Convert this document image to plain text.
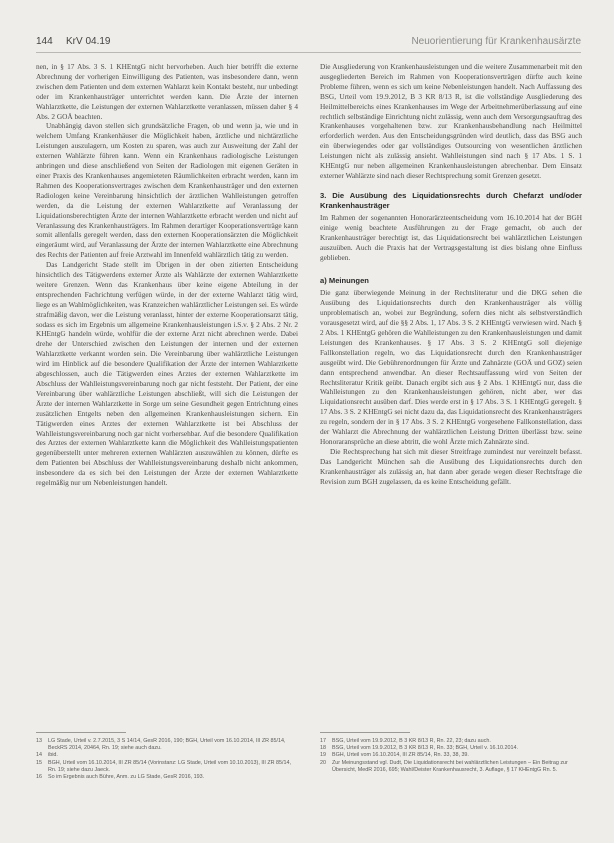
144 KrV 04.19	Neuorientierung für Krankenhausärzte

nen, in § 17 Abs. 3 S. 1 KHEntgG nicht hervorheben. Auch hier betrifft die externe Abrechnung der vorherigen Einwilligung des Patienten, was insbesondere dann, wenn zwischen dem Patienten und dem externen Wahlarzt kein Kontakt besteht, nur unbedingt oder im Krankenhausträger unterrichtet werden kann. Die Ärzte der internen Wahlarztkette, die Leistungen der externen Wahlarztkette veranlassen, müssen daher § 4 Abs. 2 GOÄ beachten.

Unabhängig davon stellen sich grundsätzliche Fragen, ob und wenn ja, wie und in welchem Umfang Krankenhäuser die Möglichkeit haben, ärztliche und nichtärztliche Leistungen auszulagern, um Kosten zu sparen, was auch zur Ausweitung der Zahl der externen Wahlärzte führen kann. Wenn ein Krankenhaus radiologische Leistungen anbringen und diese anschließend von Seiten der Radiologen mit eigenen Geräten in einer Praxis des Krankenhauses angemieteten Räumlichkeiten erbracht werden, kann im Rahmen des Kooperationsvertrages zwischen dem Krankenhausträger und den externen Radiologen keine Vereinbarung hinsichtlich der ärztlichen Wahlleistungen getroffen werden, da die Leistung der externen Wahlarztkette auf Veranlassung der Liquidationsberechtigten Ärzte der internen Wahlarztkette erbracht werden und nicht auf Veranlassung des Krankenhausträgers. Im Rahmen derartiger Kooperationsverträge kann somit allenfalls geregelt werden, dass den externen Kooperationsärzten die Möglichkeit eingeräumt wird, auf Veranlassung der Ärzte der internen Wahlarztkette eine Abrechnung des Rechts der Patienten auf freie Arztwahl im Innenfeld wahlärztlich tätig zu werden.

Das Landgericht Stade stellt im Übrigen in der oben zitierten Entscheidung hinsichtlich des Tätigwerdens externer Ärzte als Wahlärzte der externen Wahlarztkette weitere Grenzen. Wenn das Krankenhaus über keine eigene Abteilung in der entsprechenden Fachrichtung verfügen würde, in der der externe Wahlarzt tätig wird, liege es an Wahlmöglichkeiten, was Kranzeichen wahlärztlicher Leistungen sei. Es würde strafmäßig davon, wer die Leistung veranlasst, hinter der externe Kooperationsarzt tätig, sodass es sich im Ergebnis um allgemeine Krankenhausleistungen i.S.v. § 2 Abs. 2 Nr. 2 KHEntgG handeln würde, wohlfür die der externe Arzt nicht abrechnen werde. Dabei drehe der Unterschied zwischen den Leistungen der internen und der externen Wahlarztkette verkannt worden sein. Die Vereinbarung über wahlärztliche Leistungen wird im Hinblick auf die besondere Qualifikation der Ärzte der internen Wahlarztkette abgeschlossen, auch die Tätigwerden eines Arztes der externen Wahlarztkette im Abschluss der Wahlleistungsvereinbarung noch gar nicht feststeht. Der Patient, der eine Vereinbarung über wahlärztliche Leistungen abschließt, will sich die Leistungen der Ärzte der internen Wahlarztkette in Sorge um seine Gesundheit gegen Entrichtung eines zusätzlichen Entgelts neben den allgemeinen Krankenhausleistungen sichern. Ein Tätigwerden eines Arztes der externen Wahlarztkette ist bei Abschluss der Wahlleistungsvereinbarung noch gar nicht vorhersehbar. Auf die besondere Qualifikation des Arztes der externen Wahlarztkette kann die Möglichkeit des Wahlleistungspatienten gegenüberstellt unter mehreren externen Wahlärzten auszuwählen zu können, dürfte es dem Patienten bei Abschluss der Wahlleistungsvereinbarung deshalb nicht ankommen, insbesondere da es sich bei den Leistungen der Ärzte der externen Wahlarztkette regelmäßig nur um Nebenleistungen handelt.

Die Ausgliederung von Krankenhausleistungen und die weitere Zusammenarbeit mit den ausgegliederten Bereich im Rahmen von Kooperationsverträgen dürfte auch keine Probleme führen, wenn es sich um keine Nebenleistungen handelt. Nach Auffassung des BSG, Urteil vom 19.9.2012, B 3 KR 8/13 R, ist die vollständige Ausgliederung des Heilmittelbereichs eines Krankenhauses im Wege der Arbeitnehmerüberlassung auf eine rechtlich selbständige Einrichtung nicht zulässig, wenn auch dem Versorgungsauftrag des Krankenhauses vorgehaltenen bzw. zur Krankenhausbehandlung nach Heilmittel erforderlich werden. Aus den Entscheidungsgründen wird deutlich, dass das BSG auch ein überwiegendes oder gar vollständiges Outsourcing von wesentlichen ärztlichen Leistungen nicht als zulässig ansieht. Wahlleistungen sind nach § 17 Abs. 1 S. 1 KHEntgG nur neben allgemeinen Krankenhausleistungen abrechenbar. Dem Einsatz externer Wahlärzte sind nach dieser Rechtsprechung somit Grenzen gesetzt.

3. Die Ausübung des Liquidationsrechts durch Chefarzt und/oder Krankenhausträger

Im Rahmen der sogenannten Honorarärzteentscheidung vom 16.10.2014 hat der BGH einige wenig beachtete Ausführungen zu der Frage gemacht, ob auch der Krankenhausträger berechtigt ist, das Liquidationsrecht bei wahlärztlichen Leistungen auszuüben. Auch die Praxis hat der Vertragsgestaltung ist dies bislang ohne Einfluss geblieben.

a) Meinungen

Die ganz überwiegende Meinung in der Rechtsliteratur und die DKG sehen die Ausübung des Liquidationsrechts durch den Krankenhausträger als völlig unproblematisch an, wobei zur Begründung, sofern dies nicht als selbstverständlich vorausgesetzt wird, auf die §§ 2 Abs. 1, 17 Abs. 3 S. 2 KHEntgG verwiesen wird. Nach § 2 Abs. 1 KHEntgG gehören die Wahlleistungen zu den Krankenhausleistungen und damit Leistungen des Krankenhauses. § 17 Abs. 3 S. 2 KHEntgG soll diejenige Fallkonstellation regeln, wo das Liquidationsrecht durch den Krankenhausträger ausgeübt wird. Die Gebührenordnungen für Ärzte und Zahnärzte (GOÄ und GOZ) seien dann entsprechend anwendbar. An dieser Rechtsauffassung wird von Seiten der Rechtsliteratur Kritik geübt. Danach ergibt sich aus § 2 Abs. 1 KHEntgG nur, dass die Wahlleistungen zu den Krankenhausleistungen gehören, nicht aber, wer das Liquidationsrecht ausüben darf. Dies werde erst in § 17 Abs. 3 S. 1 KHEntgG geregelt. § 17 Abs. 3 S. 2 KHEntgG sei nicht dazu da, das Liquidationsrecht des Krankenhausträgers zu regeln, sondern der in § 17 Abs. 3 S. 2 KHEntgG vorgesehene Fallkonstellation, dass der Wahlarzt die Abrechnung der wahlärztlichen Leistung Dritten überlässt bzw. seine Honoraransprüche an diese abtritt, die wohl Ärzte mich Zahnärzte sind.

Die Rechtsprechung hat sich mit dieser Streitfrage zumindest nur vereinzelt befasst. Das Landgericht München sah die Ausübung des Liquidationsrechts durch den Krankenhausträger als zulässig an, hat dann aber gerade wegen dieser Rechtsfrage die Revision zum BGH zugelassen, da es keine Entscheidung gefällt.

13	LG Stade, Urteil v. 2.7.2015, 3 S 14/14, GesR 2016, 190; BGH, Urteil vom 16.10.2014, III ZR 85/14, BeckRS 2014, 20464, Rn. 19; siehe auch dazu.
14	ibid.
15	BGH, Urteil vom 16.10.2014, III ZR 85/14 (Vorinstanz: LG Stade, Urteil vom 10.10.2013), III ZR 85/14, Rn. 19; siehe dazu Jaeck.
16	So im Ergebnis auch Bühre, Anm. zu LG Stade, GesR 2016, 193.
17	BSG, Urteil vom 19.9.2012, B 3 KR 8/13 R, Rn. 22, 23; dazu auch.
18	BSG, Urteil vom 19.9.2012, B 3 KR 8/13 R, Rn. 33; BGH, Urteil v. 16.10.2014.
19	BGH, Urteil vom 16.10.2014, III ZR 85/14, Rn. 33, 38, 39.
20	Zur Meinungsstand vgl. Dudt, Die Liquidationsrecht bei wahlärztlichen Leistungen – Ein Beitrag zur Übersicht, MedR 2016, 695; Wahl/Deister Krankenhausrecht, 3. Auflage, § 17 KHEntgG Rn. 5.
